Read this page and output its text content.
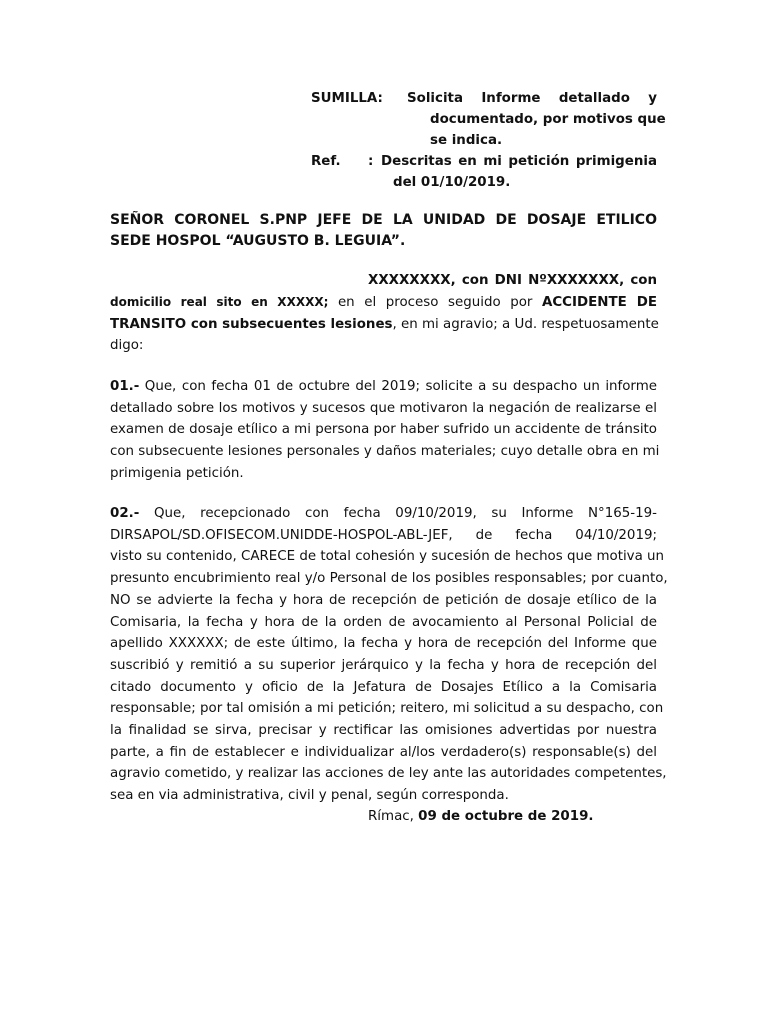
SUMILLA: Solicita Informe detallado y
documentado, por motivos que
se indica.
Ref. : Descritas en mi petición primigenia
del 01/10/2019.
SEÑOR CORONEL S.PNP JEFE DE LA UNIDAD DE DOSAJE ETILICO
SEDE HOSPOL “AUGUSTO B. LEGUIA”.
XXXXXXXX, con DNI NºXXXXXXX, con
domicilio real sito en XXXXX; en el proceso seguido por ACCIDENTE DE
TRANSITO con subsecuentes lesiones, en mi agravio; a Ud. respetuosamente
digo:
01.- Que, con fecha 01 de octubre del 2019; solicite a su despacho un informe
detallado sobre los motivos y sucesos que motivaron la negación de realizarse el
examen de dosaje etílico a mi persona por haber sufrido un accidente de tránsito
con subsecuente lesiones personales y daños materiales; cuyo detalle obra en mi
primigenia petición.
02.- Que, recepcionado con fecha 09/10/2019, su Informe N°165-19-
DIRSAPOL/SD.OFISECOM.UNIDDE-HOSPOL-ABL-JEF, de fecha 04/10/2019;
visto su contenido, CARECE de total cohesión y sucesión de hechos que motiva un
presunto encubrimiento real y/o Personal de los posibles responsables; por cuanto,
NO se advierte la fecha y hora de recepción de petición de dosaje etílico de la
Comisaria, la fecha y hora de la orden de avocamiento al Personal Policial de
apellido XXXXXX; de este último, la fecha y hora de recepción del Informe que
suscribió y remitió a su superior jerárquico y la fecha y hora de recepción del
citado documento y oficio de la Jefatura de Dosajes Etílico a la Comisaria
responsable; por tal omisión a mi petición; reitero, mi solicitud a su despacho, con
la finalidad se sirva, precisar y rectificar las omisiones advertidas por nuestra
parte, a fin de establecer e individualizar al/los verdadero(s) responsable(s) del
agravio cometido, y realizar las acciones de ley ante las autoridades competentes,
sea en via administrativa, civil y penal, según corresponda.
Rímac, 09 de octubre de 2019.
